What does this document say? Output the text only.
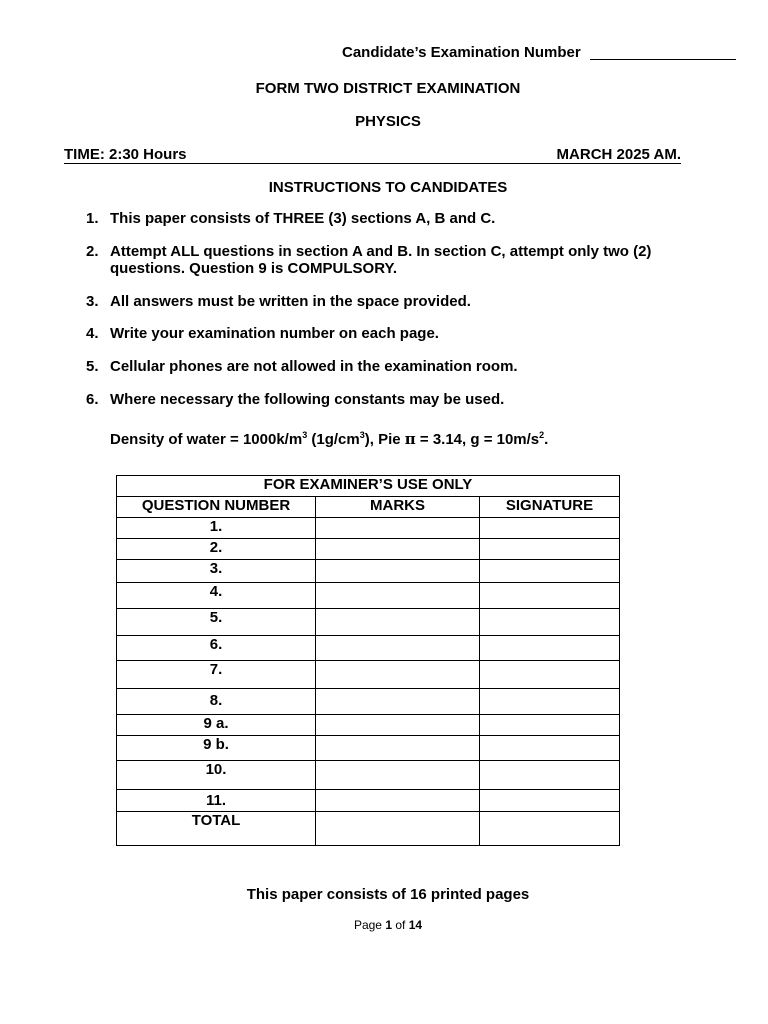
Candidate’s Examination Number
FORM TWO DISTRICT EXAMINATION
PHYSICS
TIME: 2:30 Hours	MARCH 2025 AM.
INSTRUCTIONS TO CANDIDATES
1. This paper consists of THREE (3) sections A, B and C.
2. Attempt ALL questions in section A and B. In section C, attempt only two (2) questions. Question 9 is COMPULSORY.
3. All answers must be written in the space provided.
4. Write your examination number on each page.
5. Cellular phones are not allowed in the examination room.
6. Where necessary the following constants may be used.
Density of water = $1000k/m^3$ $(1g/cm^3)$, Pie π = 3.14, $g = 10m/s^2$.
FOR EXAMINER’S USE ONLY		
QUESTION NUMBER	MARKS	SIGNATURE
1.		
2.		
3.		
4.		
5.		
6.		
7.		
8.		
9 a.		
9 b.		
10.		
11.		
TOTAL		
This paper consists of 16 printed pages
Page 1 of 14
